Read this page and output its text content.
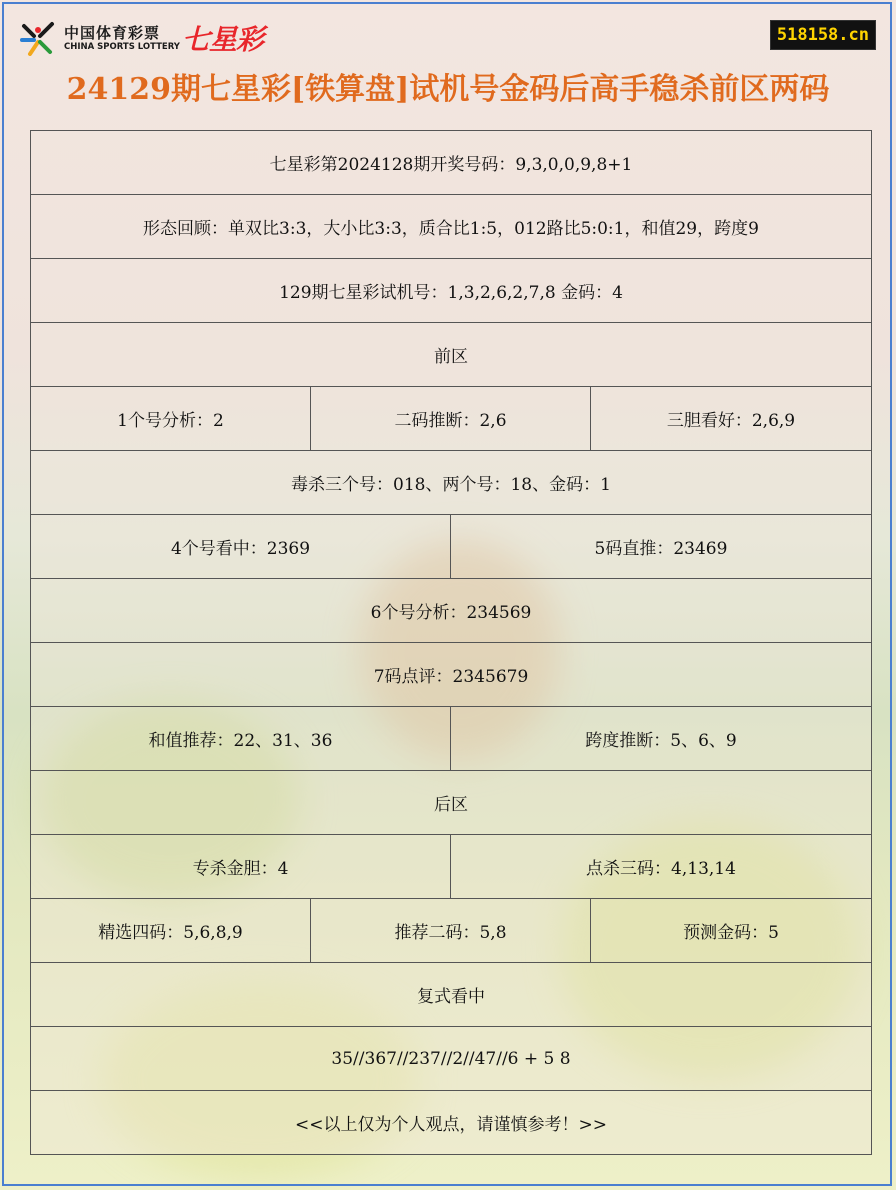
中国体育彩票
CHINA SPORTS LOTTERY 七星彩	518158.cn
24129期七星彩[铁算盘]试机号金码后高手稳杀前区两码
七星彩第2024128期开奖号码：9,3,0,0,9,8+1			
形态回顾：单双比3:3，大小比3:3，质合比1:5，012路比5:0:1，和值29，跨度9			
129期七星彩试机号：1,3,2,6,2,7,8 金码：4			
前区			
1个号分析：2	二码推断：2,6		三胆看好：2,6,9
毒杀三个号：018、两个号：18、金码：1			
4个号看中：2369		5码直推：23469	
6个号分析：234569			
7码点评：2345679			
和值推荐：22、31、36		跨度推断：5、6、9	
后区			
专杀金胆：4		点杀三码：4,13,14	
精选四码：5,6,8,9	推荐二码：5,8		预测金码：5
复式看中			
35//367//237//2//47//6 + 5 8			
<<以上仅为个人观点，请谨慎参考！>>			
